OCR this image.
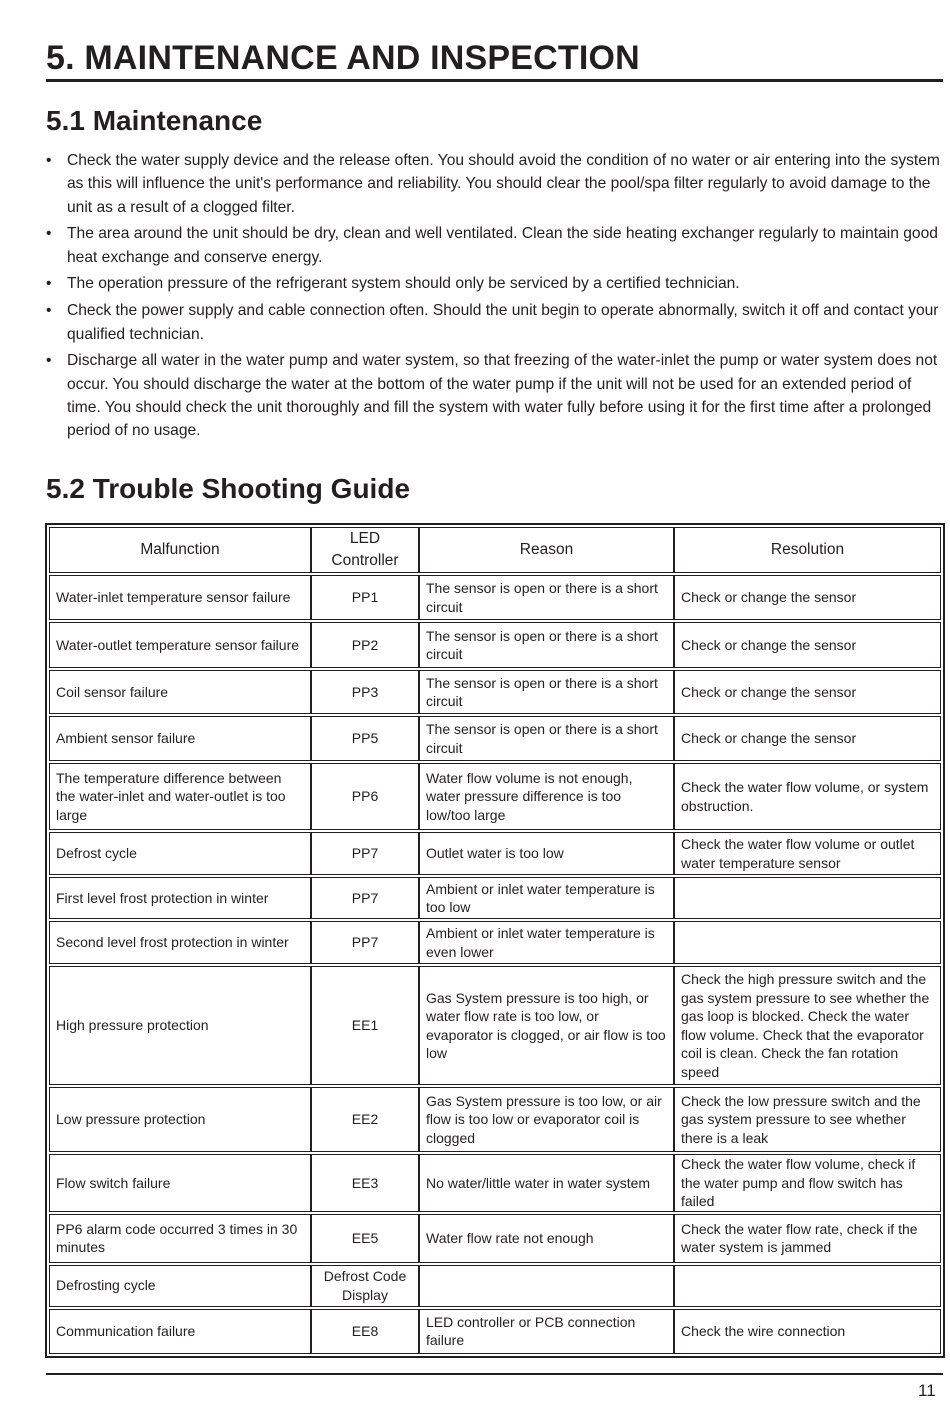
5. MAINTENANCE AND INSPECTION
5.1 Maintenance
• Check the water supply device and the release often. You should avoid the condition of no water or air entering into the system as this will influence the unit's performance and reliability. You should clear the pool/spa filter regularly to avoid damage to the unit as a result of a clogged filter.
• The area around the unit should be dry, clean and well ventilated. Clean the side heating exchanger regularly to maintain good heat exchange and conserve energy.
• The operation pressure of the refrigerant system should only be serviced by a certified technician.
• Check the power supply and cable connection often. Should the unit begin to operate abnormally, switch it off and contact your qualified technician.
• Discharge all water in the water pump and water system, so that freezing of the water-inlet the pump or water system does not occur. You should discharge the water at the bottom of the water pump if the unit will not be used for an extended period of time. You should check the unit thoroughly and fill the system with water fully before using it for the first time after a prolonged period of no usage.
5.2 Trouble Shooting Guide
Malfunction	LED Controller	Reason	Resolution

Water-inlet temperature sensor failure	PP1	The sensor is open or there is a short circuit	Check or change the sensor

Water-outlet temperature sensor failure	PP2	The sensor is open or there is a short circuit	Check or change the sensor

Coil sensor failure	PP3	The sensor is open or there is a short circuit	Check or change the sensor

Ambient sensor failure	PP5	The sensor is open or there is a short circuit	Check or change the sensor

The temperature difference between the water-inlet and water-outlet is too large	PP6	Water flow volume is not enough, water pressure difference is too low/too large	Check the water flow volume, or system obstruction.

Defrost cycle	PP7	Outlet water is too low	Check the water flow volume or outlet water temperature sensor

First level frost protection in winter	PP7	Ambient or inlet water temperature is too low	

Second level frost protection in winter	PP7	Ambient or inlet water temperature is even lower	

High pressure protection	EE1	Gas System pressure is too high, or water flow rate is too low, or evaporator is clogged, or air flow is too low	Check the high pressure switch and the gas system pressure to see whether the gas loop is blocked. Check the water flow volume. Check that the evaporator coil is clean. Check the fan rotation speed

Low pressure protection	EE2	Gas System pressure is too low, or air flow is too low or evaporator coil is clogged	Check the low pressure switch and the gas system pressure to see whether there is a leak

Flow switch failure	EE3	No water/little water in water system	Check the water flow volume, check if the water pump and flow switch has failed

PP6 alarm code occurred 3 times in 30 minutes	EE5	Water flow rate not enough	Check the water flow rate, check if the water system is jammed

Defrosting cycle	Defrost Code Display		

Communication failure	EE8	LED controller or PCB connection failure	Check the wire connection
11
